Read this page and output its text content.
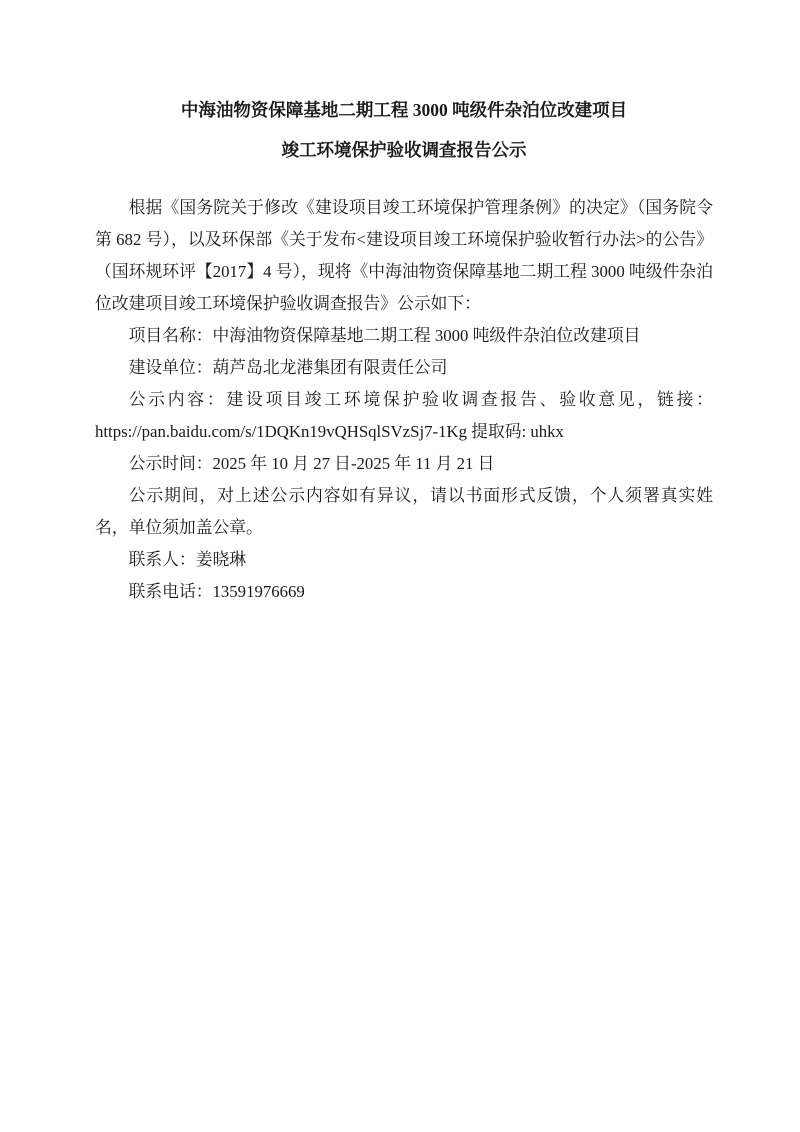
中海油物资保障基地二期工程 3000 吨级件杂泊位改建项目
竣工环境保护验收调查报告公示

根据《国务院关于修改《建设项目竣工环境保护管理条例》的决定》（国务院令第 682 号），以及环保部《关于发布<建设项目竣工环境保护验收暂行办法>的公告》（国环规环评【2017】4 号），现将《中海油物资保障基地二期工程 3000 吨级件杂泊位改建项目竣工环境保护验收调查报告》公示如下：

项目名称：中海油物资保障基地二期工程 3000 吨级件杂泊位改建项目

建设单位：葫芦岛北龙港集团有限责任公司

公示内容：建设项目竣工环境保护验收调查报告、验收意见，链接：https://pan.baidu.com/s/1DQKn19vQHSqlSVzSj7-1Kg 提取码: uhkx

公示时间：2025 年 10 月 27 日-2025 年 11 月 21 日

公示期间，对上述公示内容如有异议，请以书面形式反馈，个人须署真实姓名，单位须加盖公章。

联系人：姜晓琳

联系电话：13591976669
